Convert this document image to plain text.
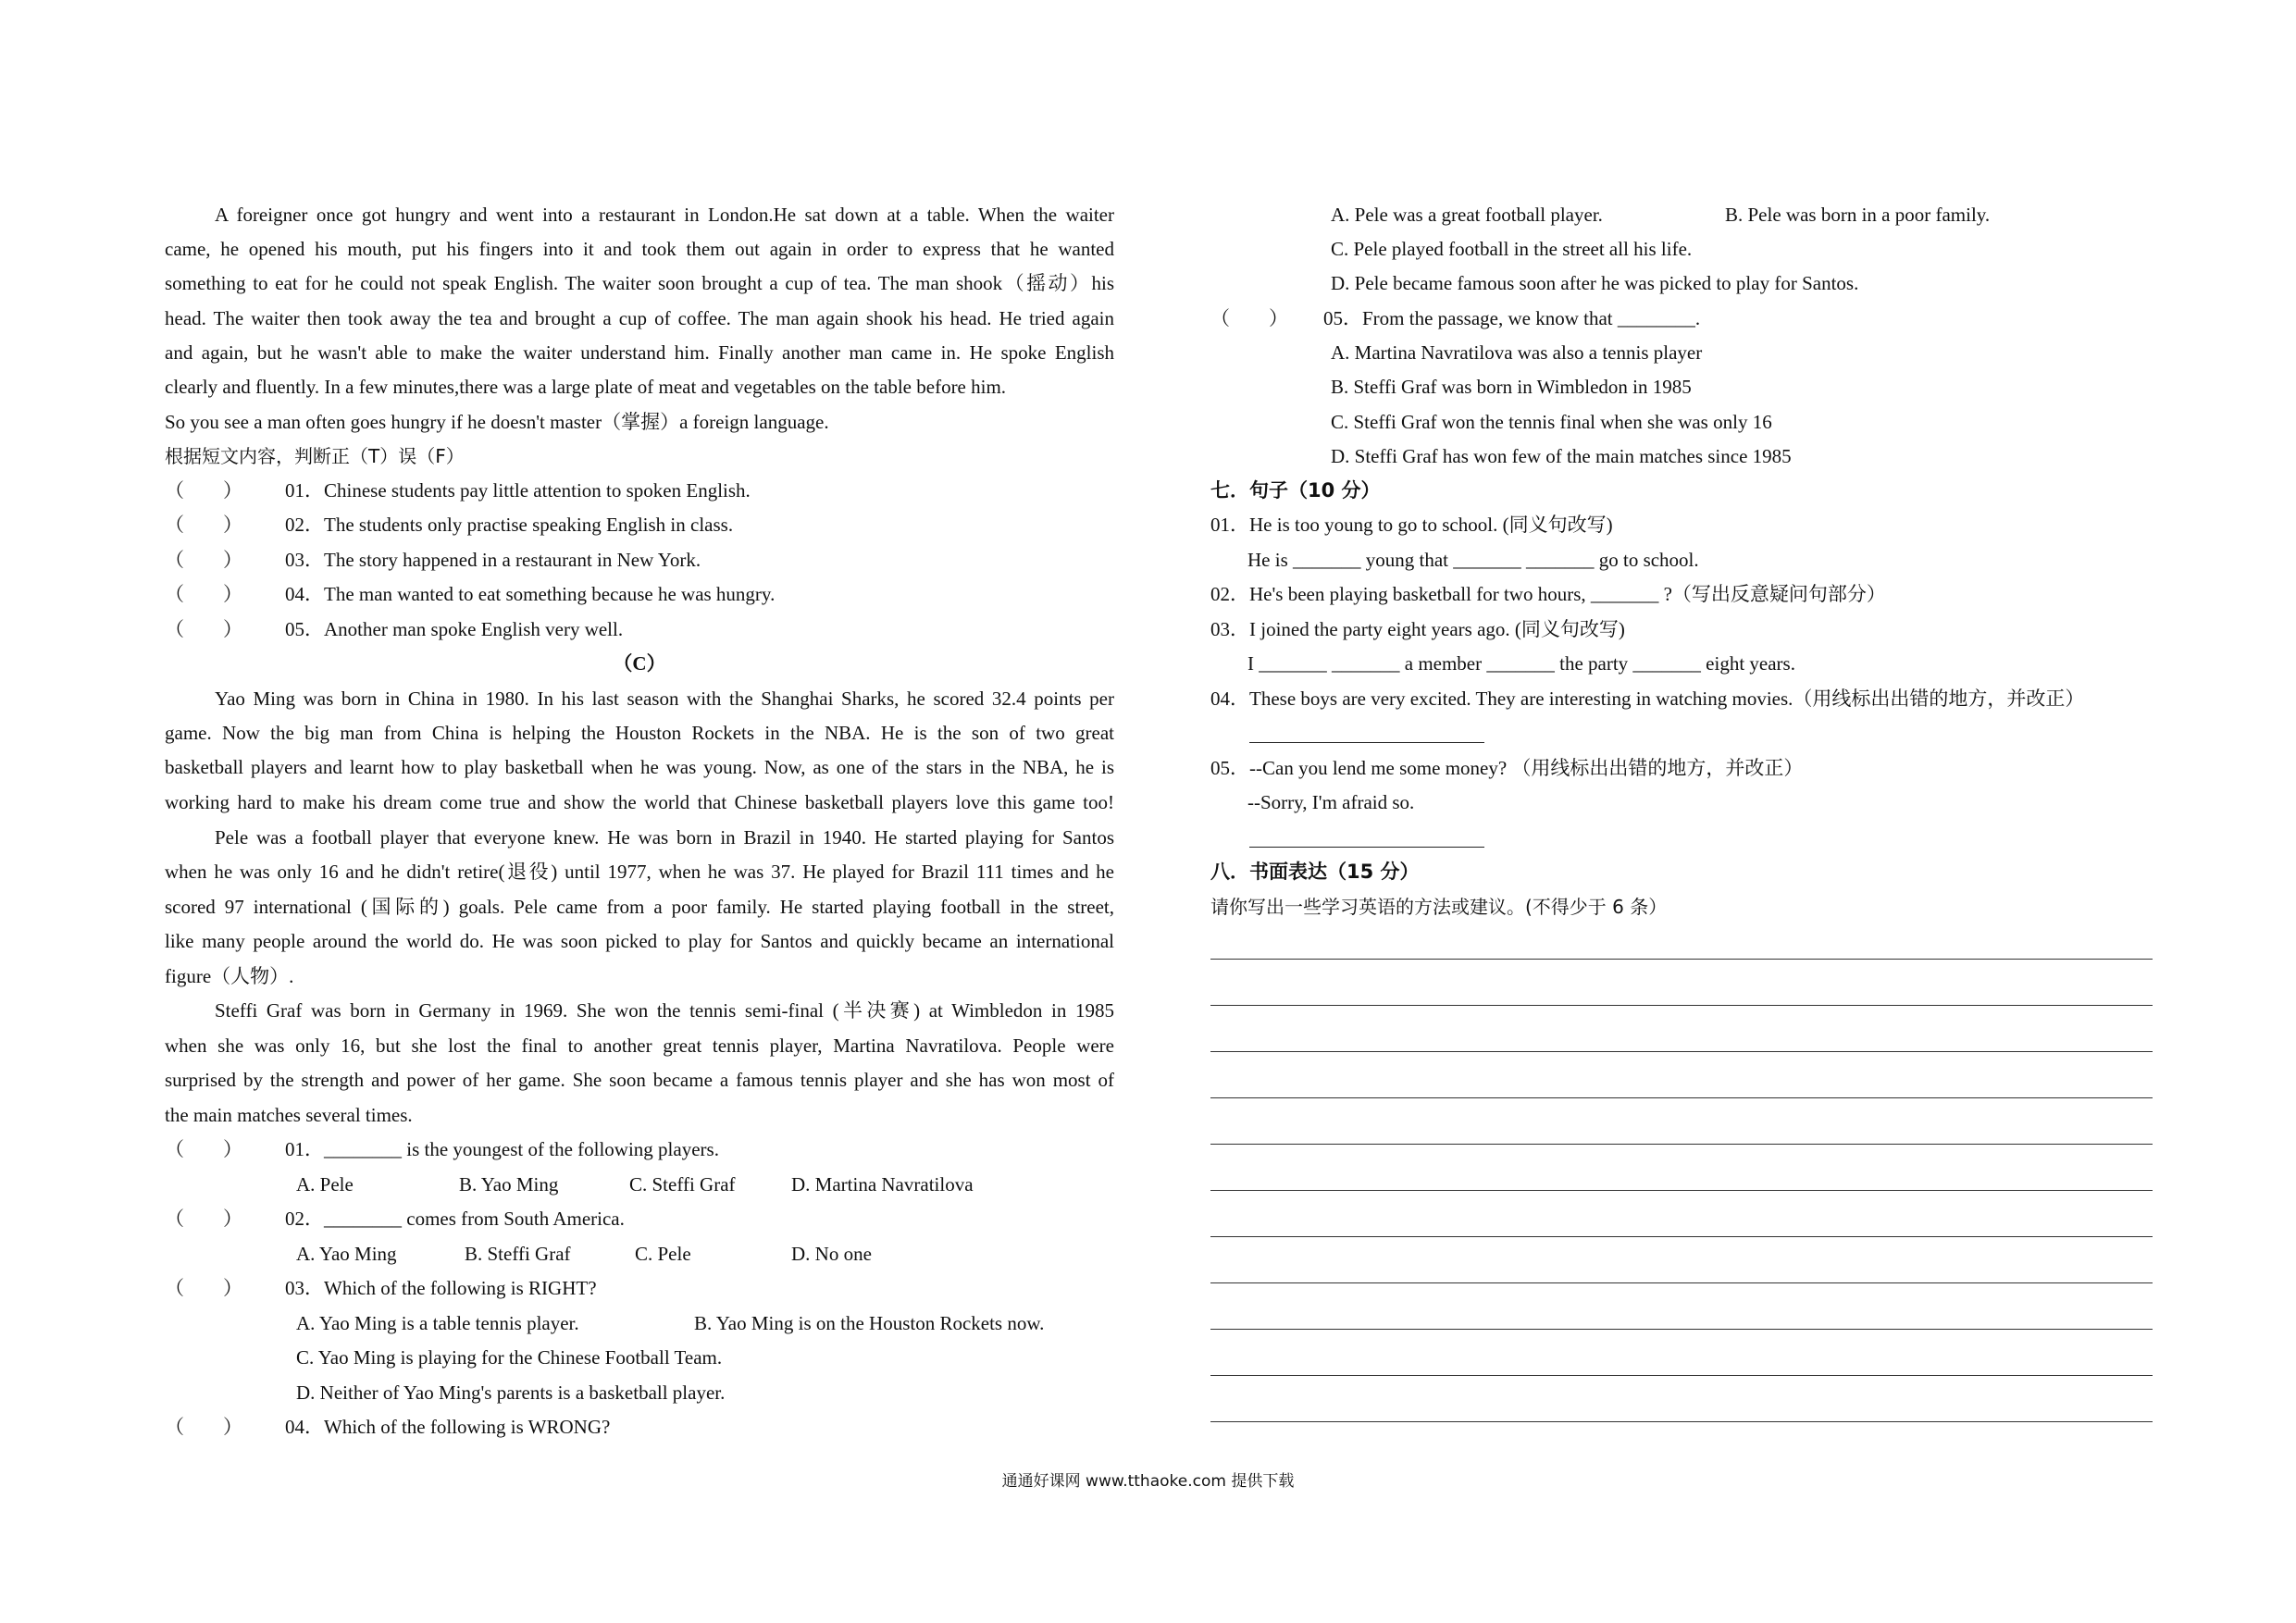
A foreigner once got hungry and went into a restaurant in London.He sat down at a table. When the waiter
came, he opened his mouth, put his fingers into it and took them out again in order to express that he wanted
something to eat for he could not speak English. The waiter soon brought a cup of tea. The man shook（摇动）his
head. The waiter then took away the tea and brought a cup of coffee. The man again shook his head. He tried again
and again, but he wasn't able to make the waiter understand him. Finally another man came in. He spoke English
clearly and fluently. In a few minutes,there was a large plate of meat and vegetables on the table before him.
So you see a man often goes hungry if he doesn't master（掌握）a foreign language.
根据短文内容，判断正（T）误（F）
（　　） 01．Chinese students pay little attention to spoken English.
（　　） 02．The students only practise speaking English in class.
（　　） 03．The story happened in a restaurant in New York.
（　　） 04．The man wanted to eat something because he was hungry.
（　　） 05．Another man spoke English very well.
（C）
Yao Ming was born in China in 1980. In his last season with the Shanghai Sharks, he scored 32.4 points per
game. Now the big man from China is helping the Houston Rockets in the NBA. He is the son of two great
basketball players and learnt how to play basketball when he was young. Now, as one of the stars in the NBA, he is
working hard to make his dream come true and show the world that Chinese basketball players love this game too!
Pele was a football player that everyone knew. He was born in Brazil in 1940. He started playing for Santos
when he was only 16 and he didn't retire(退役) until 1977, when he was 37. He played for Brazil 111 times and he
scored 97 international (国际的) goals. Pele came from a poor family. He started playing football in the street,
like many people around the world do. He was soon picked to play for Santos and quickly became an international
figure（人物）.
Steffi Graf was born in Germany in 1969. She won the tennis semi-final (半决赛) at Wimbledon in 1985
when she was only 16, but she lost the final to another great tennis player, Martina Navratilova. People were
surprised by the strength and power of her game. She soon became a famous tennis player and she has won most of
the main matches several times.
（　　） 01．________ is the youngest of the following players.
A. Pele	B. Yao Ming	C. Steffi Graf	D. Martina Navratilova
（　　） 02．________ comes from South America.
A. Yao Ming	B. Steffi Graf	C. Pele	D. No one
（　　） 03．Which of the following is RIGHT?
A. Yao Ming is a table tennis player.	B. Yao Ming is on the Houston Rockets now.
C. Yao Ming is playing for the Chinese Football Team.
D. Neither of Yao Ming's parents is a basketball player.
（　　） 04．Which of the following is WRONG?
A. Pele was a great football player.	B. Pele was born in a poor family.
C. Pele played football in the street all his life.
D. Pele became famous soon after he was picked to play for Santos.
（　　） 05．From the passage, we know that ________.
A. Martina Navratilova was also a tennis player
B. Steffi Graf was born in Wimbledon in 1985
C. Steffi Graf won the tennis final when she was only 16
D. Steffi Graf has won few of the main matches since 1985
七．句子（10 分）
01．He is too young to go to school. (同义句改写)
He is _______ young that _______ _______ go to school.
02．He's been playing basketball for two hours, _______ ?（写出反意疑问句部分）
03．I joined the party eight years ago. (同义句改写)
I _______ _______ a member _______ the party _______ eight years.
04．These boys are very excited. They are interesting in watching movies.（用线标出出错的地方，并改正）
05．--Can you lend me some money? （用线标出出错的地方，并改正）
--Sorry, I'm afraid so.
八．书面表达（15 分）
请你写出一些学习英语的方法或建议。(不得少于 6 条）
通通好课网 www.tthaoke.com 提供下载
